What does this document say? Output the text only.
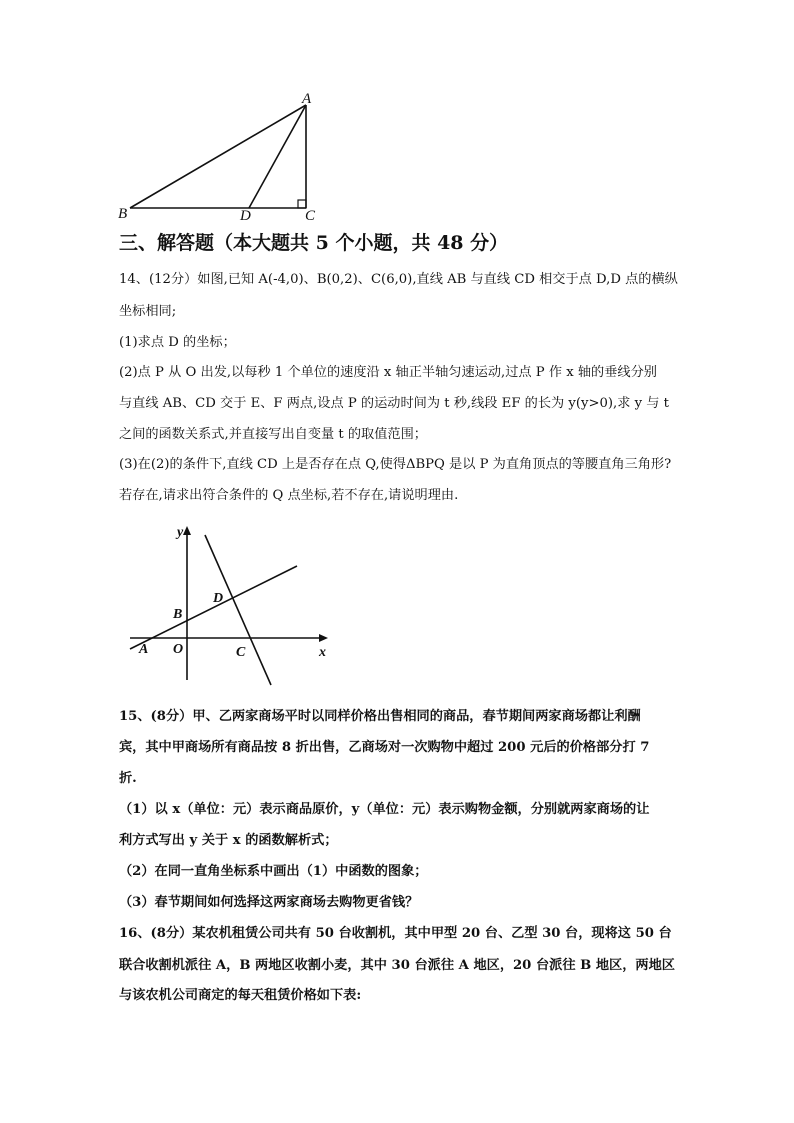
A
B	C
D
三、解答题（本大题共 5 个小题，共 48 分）
14、(12分）如图,已知 A(-4,0)、B(0,2)、C(6,0),直线 AB 与直线 CD 相交于点 D,D 点的横纵
坐标相同;
(1)求点 D 的坐标；
(2)点 P 从 O 出发,以每秒 1 个单位的速度沿 x 轴正半轴匀速运动,过点 P 作 x 轴的垂线分别
与直线 AB、CD 交于 E、F 两点,设点 P 的运动时间为 t 秒,线段 EF 的长为 y(y>0),求 y 与 t
之间的函数关系式,并直接写出自变量 t 的取值范围；
(3)在(2)的条件下,直线 CD 上是否存在点 Q,使得ΔBPQ 是以 P 为直角顶点的等腰直角三角形?
若存在,请求出符合条件的 Q 点坐标,若不存在,请说明理由.
y
x
A O
B
C
D
15、(8分）甲、乙两家商场平时以同样价格出售相同的商品，春节期间两家商场都让利酬
宾，其中甲商场所有商品按 8 折出售，乙商场对一次购物中超过 200 元后的价格部分打 7
折.
（1）以 x（单位：元）表示商品原价，y（单位：元）表示购物金额，分别就两家商场的让
利方式写出 y 关于 x 的函数解析式；
（2）在同一直角坐标系中画出（1）中函数的图象；
（3）春节期间如何选择这两家商场去购物更省钱？
16、(8分）某农机租赁公司共有 50 台收割机，其中甲型 20 台、乙型 30 台，现将这 50 台
联合收割机派往 A，B 两地区收割小麦，其中 30 台派往 A 地区，20 台派往 B 地区，两地区
与该农机公司商定的每天租赁价格如下表:
